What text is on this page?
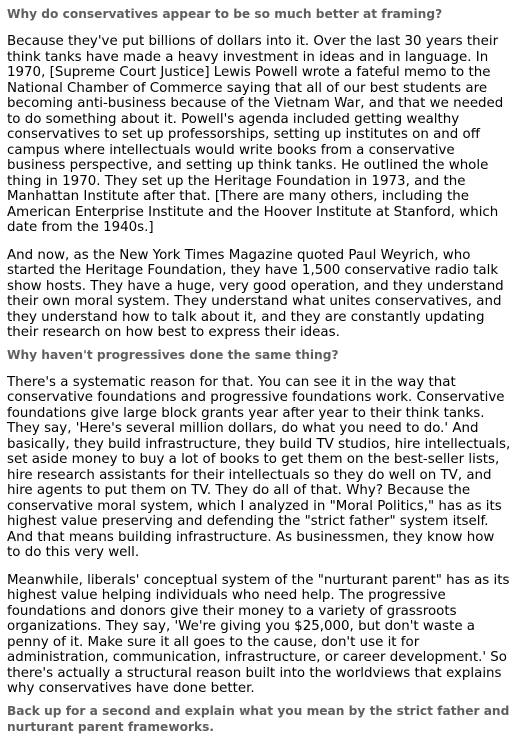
Why do conservatives appear to be so much better at framing?

Because they've put billions of dollars into it. Over the last 30 years their think tanks have made a heavy investment in ideas and in language. In 1970, [Supreme Court Justice] Lewis Powell wrote a fateful memo to the National Chamber of Commerce saying that all of our best students are becoming anti-business because of the Vietnam War, and that we needed to do something about it. Powell's agenda included getting wealthy conservatives to set up professorships, setting up institutes on and off campus where intellectuals would write books from a conservative business perspective, and setting up think tanks. He outlined the whole thing in 1970. They set up the Heritage Foundation in 1973, and the Manhattan Institute after that. [There are many others, including the American Enterprise Institute and the Hoover Institute at Stanford, which date from the 1940s.]

And now, as the New York Times Magazine quoted Paul Weyrich, who started the Heritage Foundation, they have 1,500 conservative radio talk show hosts. They have a huge, very good operation, and they understand their own moral system. They understand what unites conservatives, and they understand how to talk about it, and they are constantly updating their research on how best to express their ideas.

Why haven't progressives done the same thing?

There's a systematic reason for that. You can see it in the way that conservative foundations and progressive foundations work. Conservative foundations give large block grants year after year to their think tanks. They say, 'Here's several million dollars, do what you need to do.' And basically, they build infrastructure, they build TV studios, hire intellectuals, set aside money to buy a lot of books to get them on the best-seller lists, hire research assistants for their intellectuals so they do well on TV, and hire agents to put them on TV. They do all of that. Why? Because the conservative moral system, which I analyzed in "Moral Politics," has as its highest value preserving and defending the "strict father" system itself. And that means building infrastructure. As businessmen, they know how to do this very well.

Meanwhile, liberals' conceptual system of the "nurturant parent" has as its highest value helping individuals who need help. The progressive foundations and donors give their money to a variety of grassroots organizations. They say, 'We're giving you $25,000, but don't waste a penny of it. Make sure it all goes to the cause, don't use it for administration, communication, infrastructure, or career development.' So there's actually a structural reason built into the worldviews that explains why conservatives have done better.

Back up for a second and explain what you mean by the strict father and nurturant parent frameworks.
